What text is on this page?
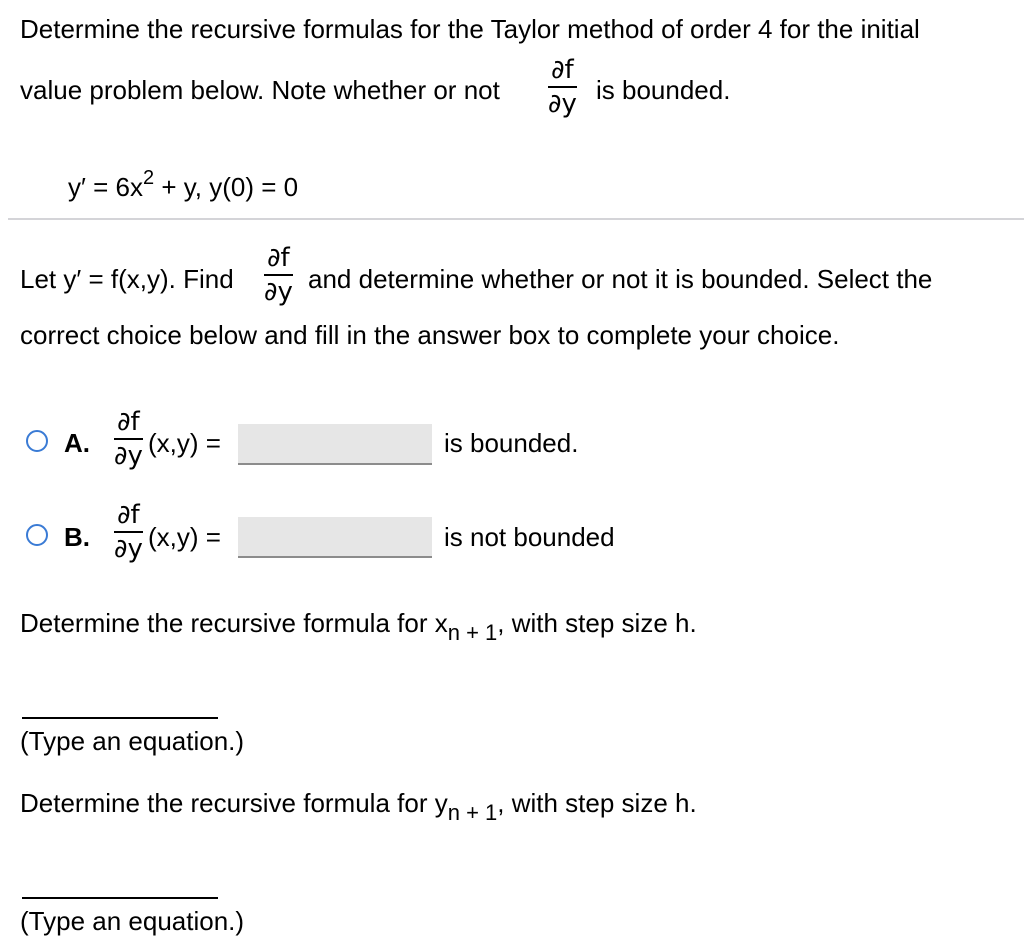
Determine the recursive formulas for the Taylor method of order 4 for the initial
value problem below. Note whether or not
∂f
∂y is bounded.
$y' = 6x^2 + y$, y(0) = 0
Let y′ = f(x,y). Find
∂f
∂y and determine whether or not it is bounded. Select the
correct choice below and fill in the answer box to complete your choice.
A.
∂f
∂y (x,y) =	is bounded.
B.
∂f
∂y (x,y) =	is not bounded
Determine the recursive formula for $x_{n + 1}$, with step size h.
(Type an equation.)
Determine the recursive formula for $y_{n + 1}$, with step size h.
(Type an equation.)
